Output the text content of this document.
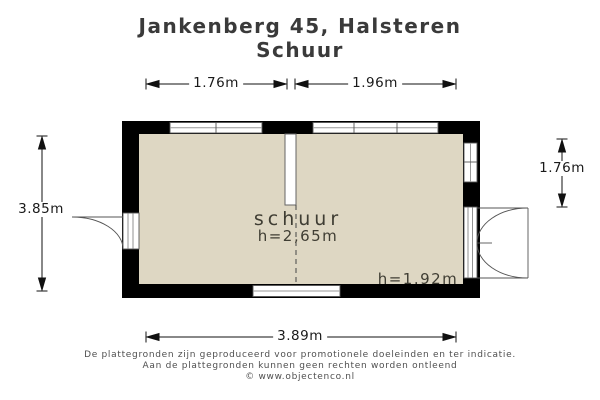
Jankenberg 45, Halsteren
Schuur
1.76m	1.96m
3.85m
1.76m
3.89m
schuur
h=2,65m
h=1.92m
De plattegronden zijn geproduceerd voor promotionele doeleinden en ter indicatie.
Aan de plattegronden kunnen geen rechten worden ontleend
© www.objectenco.nl
